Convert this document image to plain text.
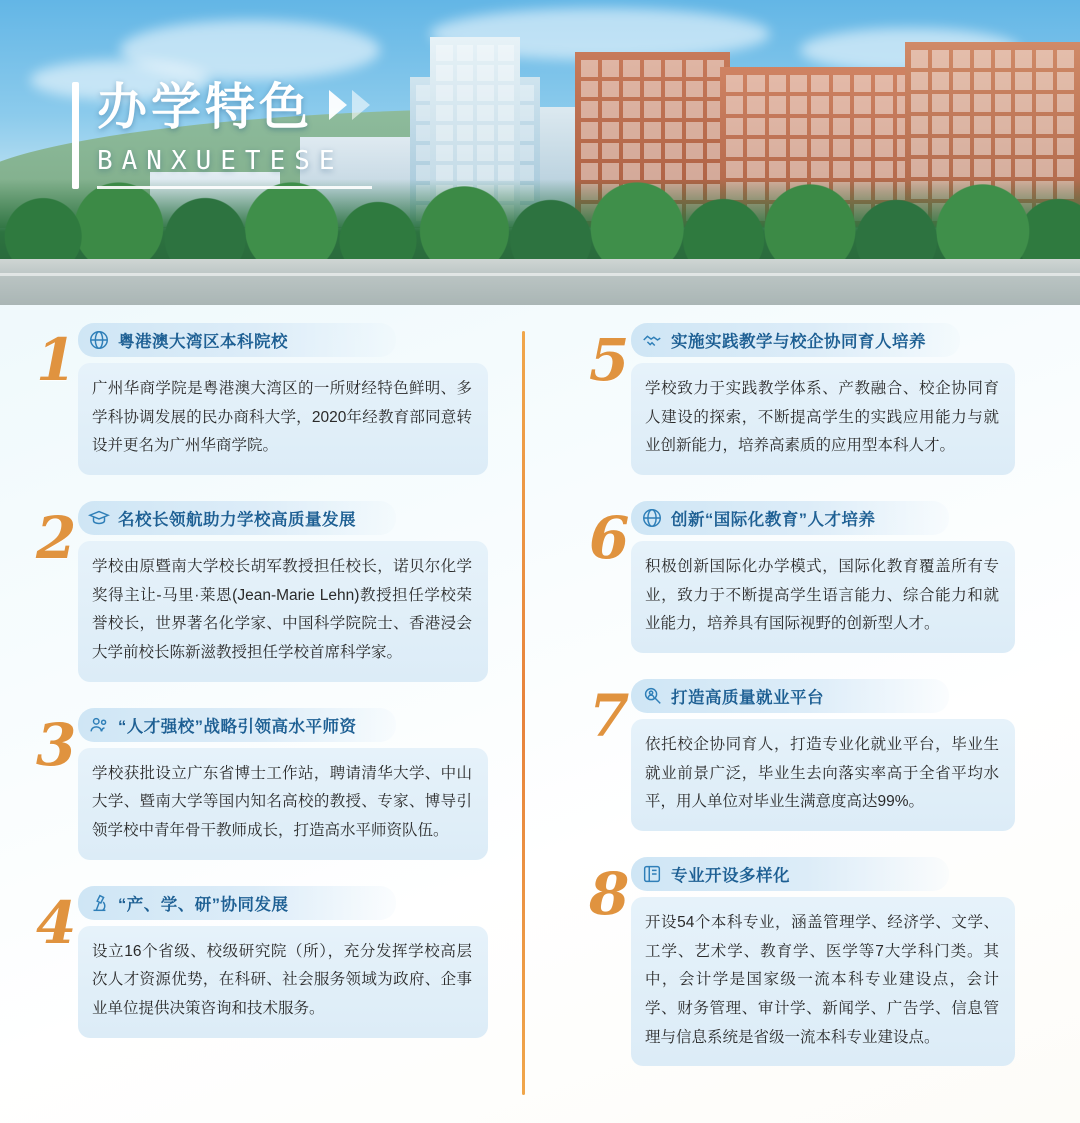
办学特色
BANXUETESE
1	粤港澳大湾区本科院校
广州华商学院是粤港澳大湾区的一所财经特色鲜明、多学科协调发展的民办商科大学，2020年经教育部同意转设并更名为广州华商学院。
2	名校长领航助力学校高质量发展
学校由原暨南大学校长胡军教授担任校长，诺贝尔化学奖得主让-马里·莱恩(Jean-Marie Lehn)教授担任学校荣誉校长，世界著名化学家、中国科学院院士、香港浸会大学前校长陈新滋教授担任学校首席科学家。
3	“人才强校”战略引领高水平师资
学校获批设立广东省博士工作站，聘请清华大学、中山大学、暨南大学等国内知名高校的教授、专家、博导引领学校中青年骨干教师成长，打造高水平师资队伍。
4	“产、学、研”协同发展
设立16个省级、校级研究院（所），充分发挥学校高层次人才资源优势，在科研、社会服务领域为政府、企事业单位提供决策咨询和技术服务。
5	实施实践教学与校企协同育人培养
学校致力于实践教学体系、产教融合、校企协同育人建设的探索，不断提高学生的实践应用能力与就业创新能力，培养高素质的应用型本科人才。
6	创新“国际化教育”人才培养
积极创新国际化办学模式，国际化教育覆盖所有专业，致力于不断提高学生语言能力、综合能力和就业能力，培养具有国际视野的创新型人才。
7	打造高质量就业平台
依托校企协同育人，打造专业化就业平台，毕业生就业前景广泛，毕业生去向落实率高于全省平均水平，用人单位对毕业生满意度高达99%。
8	专业开设多样化
开设54个本科专业，涵盖管理学、经济学、文学、工学、艺术学、教育学、医学等7大学科门类。其中，会计学是国家级一流本科专业建设点，会计学、财务管理、审计学、新闻学、广告学、信息管理与信息系统是省级一流本科专业建设点。
